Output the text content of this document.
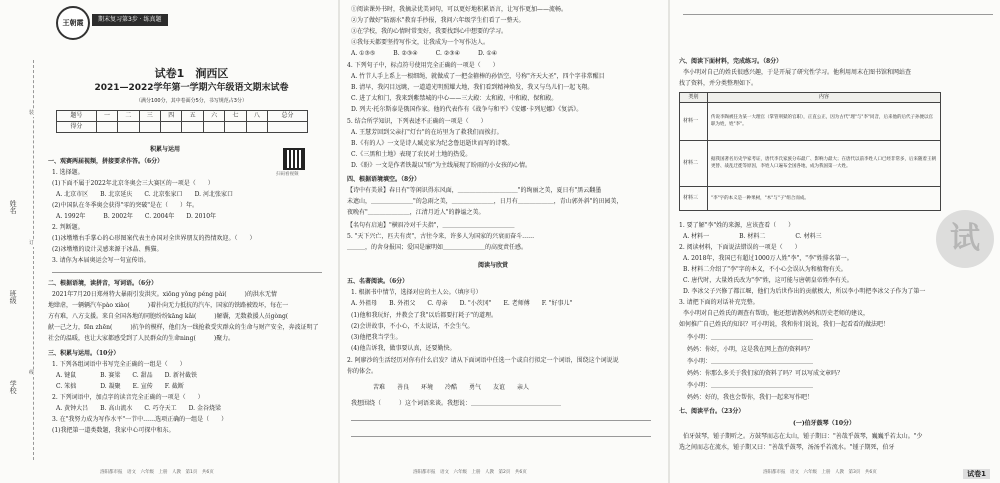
姓名
班级
学校
装
订
线
王朝霞	期末复习第3步 · 练真题
试卷1　涧西区
2021—2022学年第一学期六年级语文期末试卷
（满分100分，其中卷面分5分，书写规范占3分）
题号	一	二	三	四	五	六	七	八	总分
得分									
积累与运用
扫码看视频
一、观赛两届视频，拼接要求作答。（6分）
1. 选择题。
(1)下面不属于2022年北京冬奥会三大赛区的一项是（　　）
A. 北京市区　　B. 北京延庆　　C. 北京张家口　　D. 河北张家口
(2)中国队在冬季奥会获得"零的突破"是在（　　）年。
A. 1992年　　　B. 2002年　　C. 2004年　　D. 2010年
2. 判断题。
(1)冰墩墩右手掌心的心形图案代表主办国对全世界朋友的热情欢迎。（　　）
(2)冰墩墩的设计灵感来源于冰晶、熊猫。
3. 请你为本届奥运会写一句宣传语。
二、根据语境，读拼音，写词语。（6分）
2021年7月20日郑州特大暴雨引发洪灾。xiōng yǒng péng pài(　　　)的洪水无情
地肆虐，一辆辆汽车pào xiào(　　　)着扑向无力抵抗的汽车，国家的铁路被毁坏，每在一
方有难，八方支援。来自全国各地的同胞纷纷kāng kǎi(　　　)解囊，无数救援人员gòng(　　
献一己之力，fēn zhēn(　　　)抗争的模样，他们为一线抢救受灾群众的生命与财产安全，奔波证明了
社会的温暖，也让大家都感受到了人民群众的生命ning(　　　)聚力。
三、积累与运用。（10分）
1. 下列各组词语中书写完全正确的一组是（　　）
A. 键鼠　　　　B. 赛梁　　C. 甜品　　D. 新衬截铁
C. 笨拙　　　　D. 凝聚　　E. 宣传　　F. 截断
2. 下列词语中，加点字的读音完全正确的一项是（　　）
A. 黄钟大吕　　B. 高山流水　　C. 巧夺天工　　D. 金谷烧梁
3. 在"我努力成为写作水平"一节中……选项正确的一组是（　　）
(1)我把第一道类数题，我家中心可探中和东。
洛阳都市报　语文　六年级　上册　人教　第1页　共6页
①阅读课外书时，我摘录优美词句，可以更好地积累语言，让写作更加——流畅。
②为了做好"防溺水"教育手抄报，我问六年级学生们看了一整天。
③在学校，我的心情时常变好，我要找到心中想要的学习。
④我每天都要坚持写作文，让我成为一个写作达人。
A. ①③⑤　　　B. ②③④　　　C. ②③④　　　D. ①④
4. 下列句子中，标点符号使用完全正确的一项是（　　）
A. 竹节人手上系上一根细绳，就做成了一把金箍棒的孙悟空，号称"齐天大圣"，四个字非常醒目
B. 清早，我闪目远眺，一道道光明照耀大地，我们看到精神焕发，我又与鸟儿们一起飞翔。
C. 进了太和门，我来到紫禁城的中心——三大殿：太和殿、中和殿、保和殿。
D. 列夫·托尔斯泰是俄国作家。他的代表作有《战争与和平》《安娜·卡列尼娜》《复活》。
5. 结合所学知识，下列表述不正确的一项是（　　）
A. 王慧芳回到父亲打"灯台"的在坊里为了救我们而挨打。
B.《有的人》一文是诗人臧克家为纪念鲁迅逝世而写的诗歌。
C.《三黑和土地》表现了农民对土地的热爱。
D.《盼》一文是作者铁凝以"盼"为主线展现了盼雨的小女孩的心情。
四、根据语境填空。（8分）
【诗中有美景】春日有"等闲识得东风面，＿＿＿＿＿＿＿＿＿＿"的绚丽之美，夏日有"黑云翻墨
未遮山，＿＿＿＿＿＿＿"的急雨之美，＿＿＿＿＿＿＿，日月有＿＿＿＿＿＿，青山郭外斜"的田园美，
夜晚有"＿＿＿＿＿＿＿，江清月近人"的静谧之美。
【名句有启迪】"横眉冷对千夫指"，＿＿＿＿＿＿＿＿＿＿＿＿
5. "天下兴亡，匹夫有责"，古往今来，许多人为国家的兴衰而奋斗……
＿＿＿，的舍身报国；爱国是廉明如＿＿＿＿＿＿＿的高度责任感。
阅读与欣赏
五、名著阅读。（6分）
1. 根据书中情节，选择对应的主人公。（填序号）
A. 外祖母　　B. 外祖父　　C. 母亲　　D. "小茨冈"　　E. 老师傅　　F. "好事儿"
(1)他和我玩好，并教会了我"以后都要打耗子"的道理。
(2)会讲故事，不小心，不太说话，不会生气。
(3)他把我当学生。
(4)他告诉我，做事要认真，还要勤快。
2. 阿廖沙的生活经历对你有什么启发？请从下面词语中任选一个或自行拟定一个词语，围绕这个词说说
你的体会。
苦难　　善良　　环境　　冷酷　　勇气　　友谊　　亲人
我想围绕（　　　）这个词语来谈。我想说：＿＿＿＿＿＿＿＿＿＿＿＿＿＿＿
洛阳都市报　语文　六年级　上册　人教　第2页　共6页
六、阅读下面材料，完成练习。（8分）
李小明对自己的姓氏很感兴趣，于是开展了研究性学习。他利用周末在图书馆和网站查
找了资料，并分类整理如下。
类别	内容
材料一	传说李陶被任为某一大理官（掌管刑狱的官职），正直公正，因为古代"理"与"李"同音，后来他的后代子孙便以官职为姓，姓"李"。
材料二	据我国著名历史学家考证，唐代李氏家族分布最广、影响力最大；在唐代以前李姓人口已经非常多，后来随着王朝更替、战乱迁徙等原因，李姓人口遍布全国各地，成为我国第一大姓。
材料三	"李"字的本义是一种果树，"木"与"子"组合而成。
试
1. 要了解"李"姓的来源，应该查看（　　）
A. 材料一　　　　　B. 材料二　　　　　C. 材料三
2. 阅读材料，下面说法错误的一项是（　　）
A. 2018年，我国已有超过1000万人姓"李"，"李"姓排名第一。
B. 材料二介绍了"李"字的本义，不小心会误认为和植物有关。
C. 唐代时，大量姓氏改为"李"姓，这可能与唐朝皇帝姓李有关。
D. 李冰父子兴修了都江堰，他们为后世作出的贡献极大，所以李小明把李冰父子作为了第一
3. 请把下面的对话补充完整。
李小明对自己姓氏的调查有帮助，他还想请教妈妈和历史老师的建议，
如何推广自己姓氏的知识？可小明说，我和你们说说，我们一起看看的做法吧！
李小明：＿＿＿＿＿＿＿＿＿＿＿＿＿＿＿＿＿
妈妈：你好，小明，这是我在网上查的资料吗？
李小明：＿＿＿＿＿＿＿＿＿＿＿＿＿＿＿＿＿
妈妈：你那么多关于我们家的资料了吗？可以写成文章吗？
李小明：＿＿＿＿＿＿＿＿＿＿＿＿＿＿＿＿＿
妈妈：好的，我也会帮你，我们一起来写作吧！
七、阅读平台。（23分）
(一)伯牙鼓琴（10分）
伯牙鼓琴，锺子期听之。方鼓琴而志在太山，锺子期曰："善哉乎鼓琴，巍巍乎若太山。"少
选之间而志在流水，锺子期又曰："善哉乎鼓琴，汤汤乎若流水。"锺子期死，伯牙
洛阳都市报　语文　六年级　上册　人教　第3页　共6页	试卷1
